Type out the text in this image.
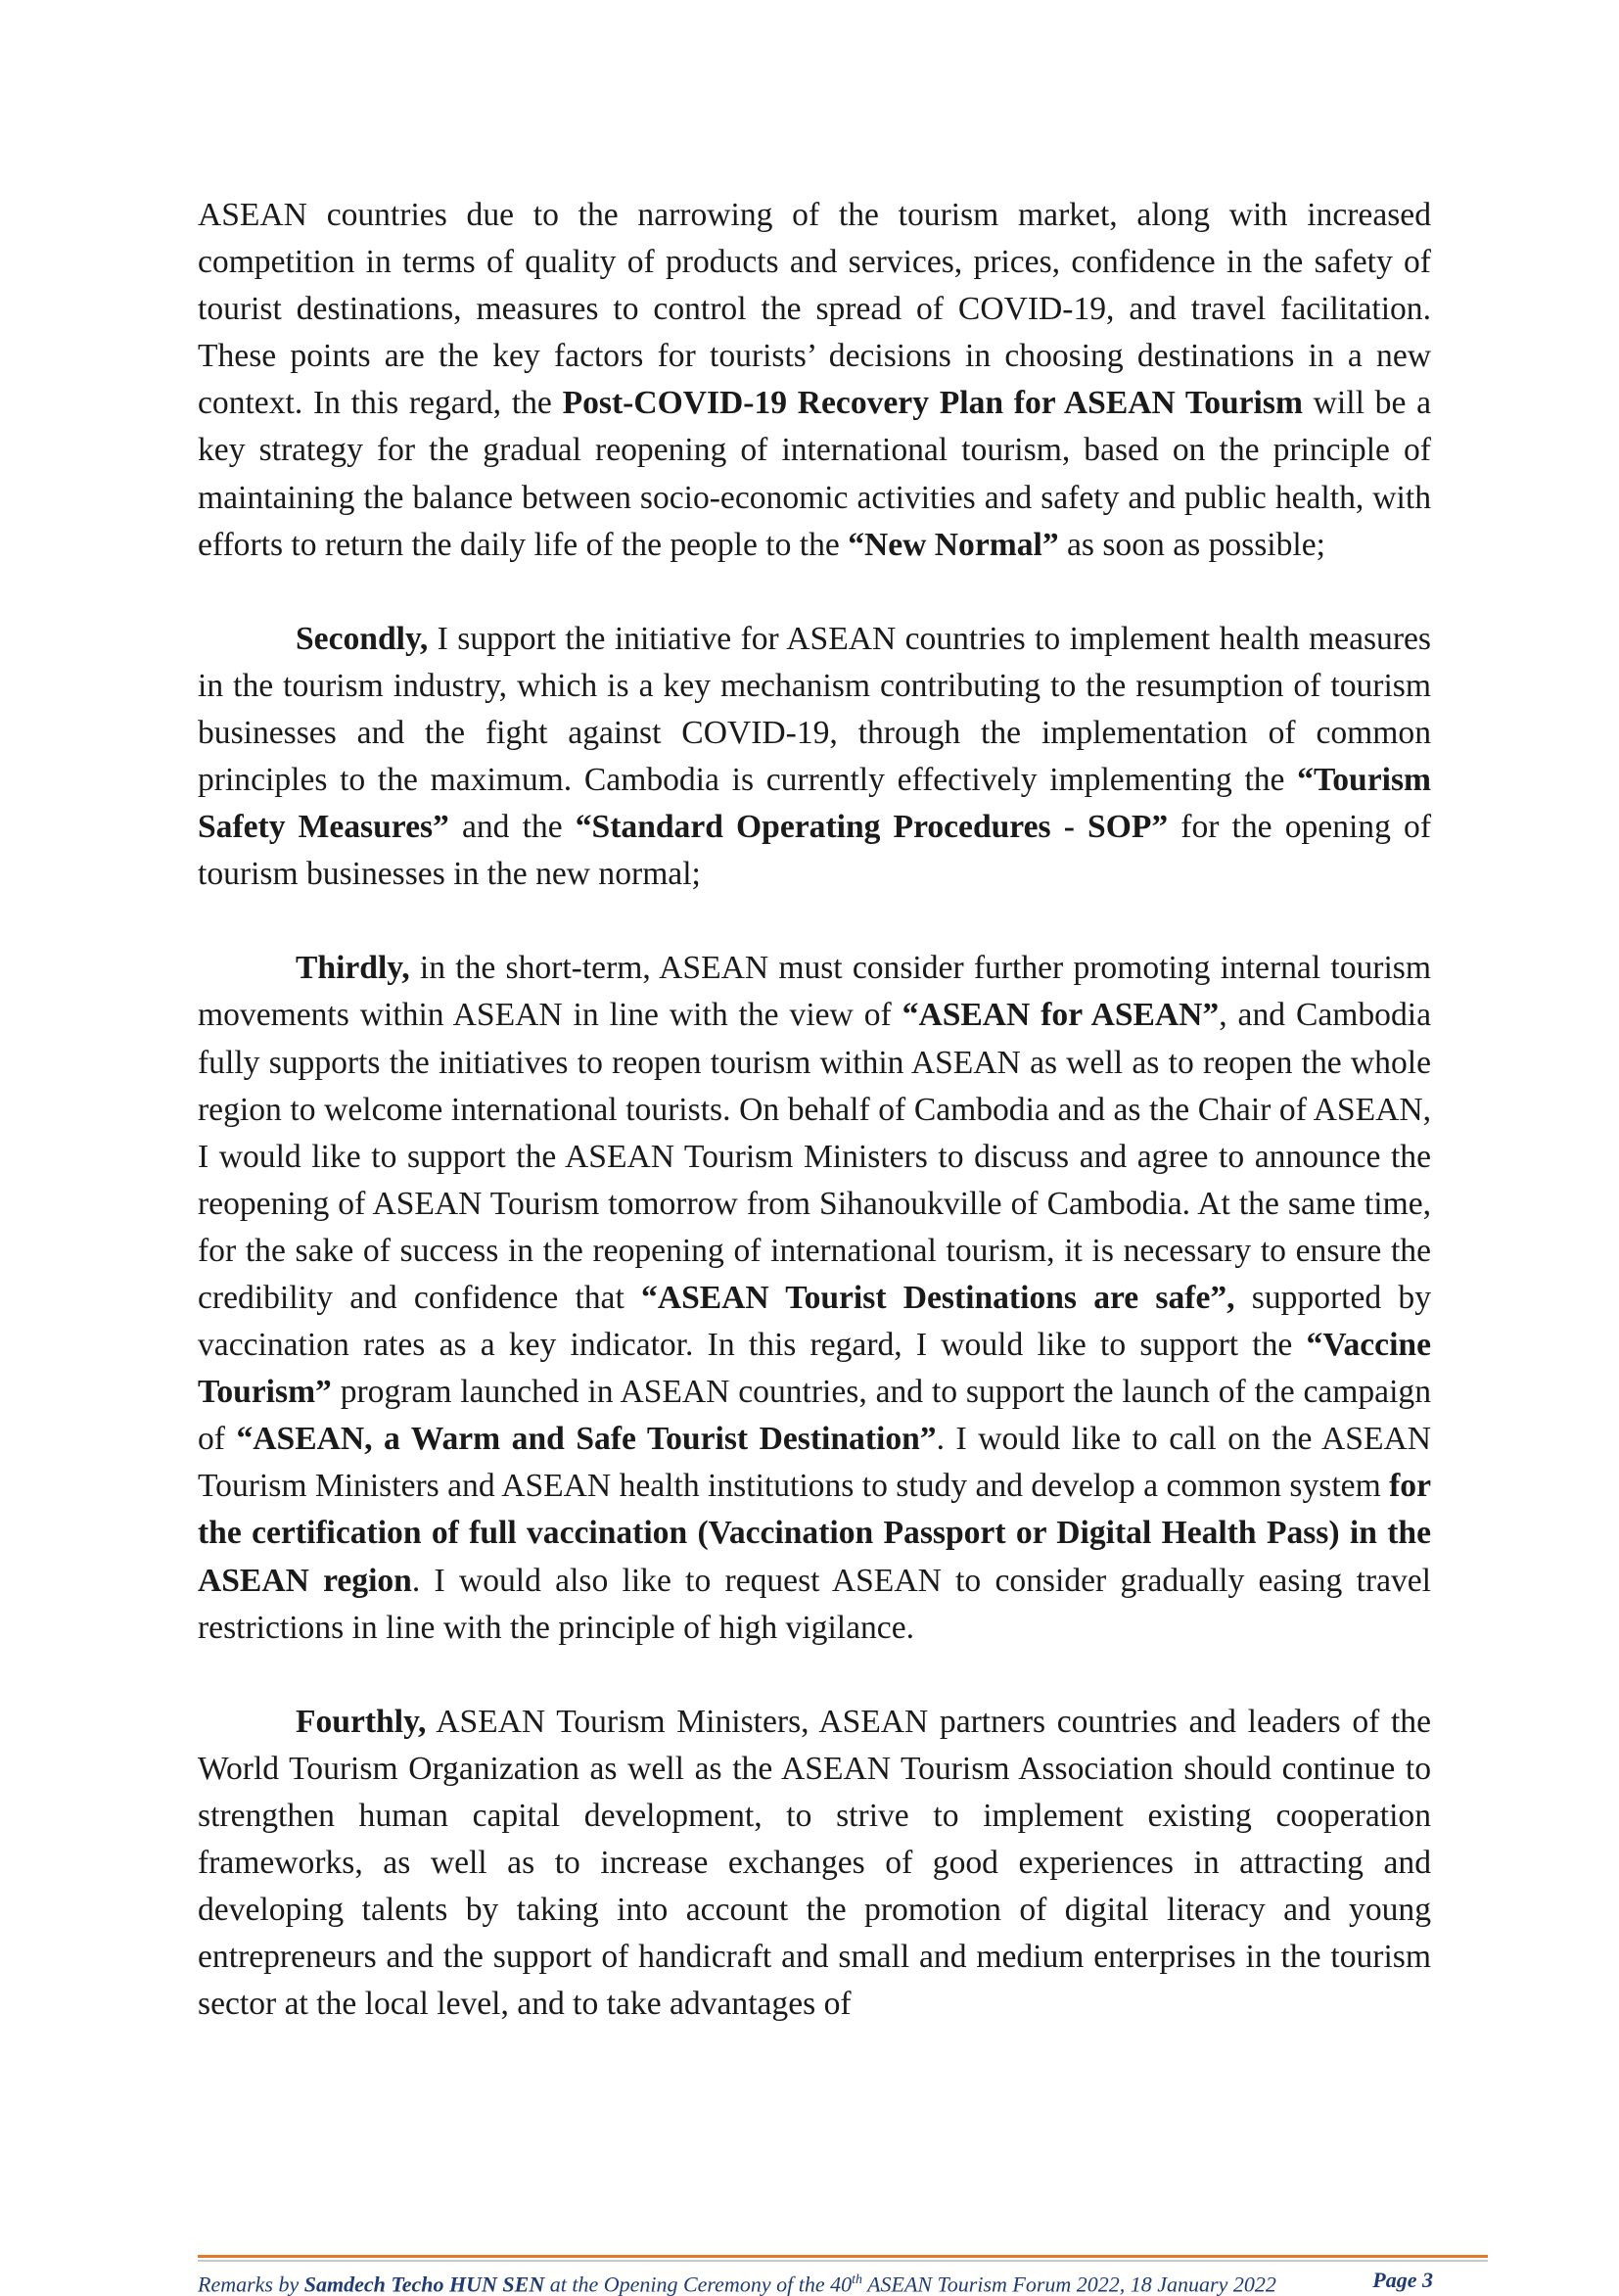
ASEAN countries due to the narrowing of the tourism market, along with increased competition in terms of quality of products and services, prices, confidence in the safety of tourist destinations, measures to control the spread of COVID-19, and travel facilitation. These points are the key factors for tourists’ decisions in choosing destinations in a new context. In this regard, the Post-COVID-19 Recovery Plan for ASEAN Tourism will be a key strategy for the gradual reopening of international tourism, based on the principle of maintaining the balance between socio-economic activities and safety and public health, with efforts to return the daily life of the people to the “New Normal” as soon as possible;

Secondly, I support the initiative for ASEAN countries to implement health measures in the tourism industry, which is a key mechanism contributing to the resumption of tourism businesses and the fight against COVID-19, through the implementation of common principles to the maximum. Cambodia is currently effectively implementing the “Tourism Safety Measures” and the “Standard Operating Procedures - SOP” for the opening of tourism businesses in the new normal;

Thirdly, in the short-term, ASEAN must consider further promoting internal tourism movements within ASEAN in line with the view of “ASEAN for ASEAN”, and Cambodia fully supports the initiatives to reopen tourism within ASEAN as well as to reopen the whole region to welcome international tourists. On behalf of Cambodia and as the Chair of ASEAN, I would like to support the ASEAN Tourism Ministers to discuss and agree to announce the reopening of ASEAN Tourism tomorrow from Sihanoukville of Cambodia. At the same time, for the sake of success in the reopening of international tourism, it is necessary to ensure the credibility and confidence that “ASEAN Tourist Destinations are safe”, supported by vaccination rates as a key indicator. In this regard, I would like to support the “Vaccine Tourism” program launched in ASEAN countries, and to support the launch of the campaign of “ASEAN, a Warm and Safe Tourist Destination”. I would like to call on the ASEAN Tourism Ministers and ASEAN health institutions to study and develop a common system for the certification of full vaccination (Vaccination Passport or Digital Health Pass) in the ASEAN region. I would also like to request ASEAN to consider gradually easing travel restrictions in line with the principle of high vigilance.

Fourthly, ASEAN Tourism Ministers, ASEAN partners countries and leaders of the World Tourism Organization as well as the ASEAN Tourism Association should continue to strengthen human capital development, to strive to implement existing cooperation frameworks, as well as to increase exchanges of good experiences in attracting and developing talents by taking into account the promotion of digital literacy and young entrepreneurs and the support of handicraft and small and medium enterprises in the tourism sector at the local level, and to take advantages of

Remarks by Samdech Techo HUN SEN at the Opening Ceremony of the 40th ASEAN Tourism Forum 2022, 18 January 2022	Page 3
